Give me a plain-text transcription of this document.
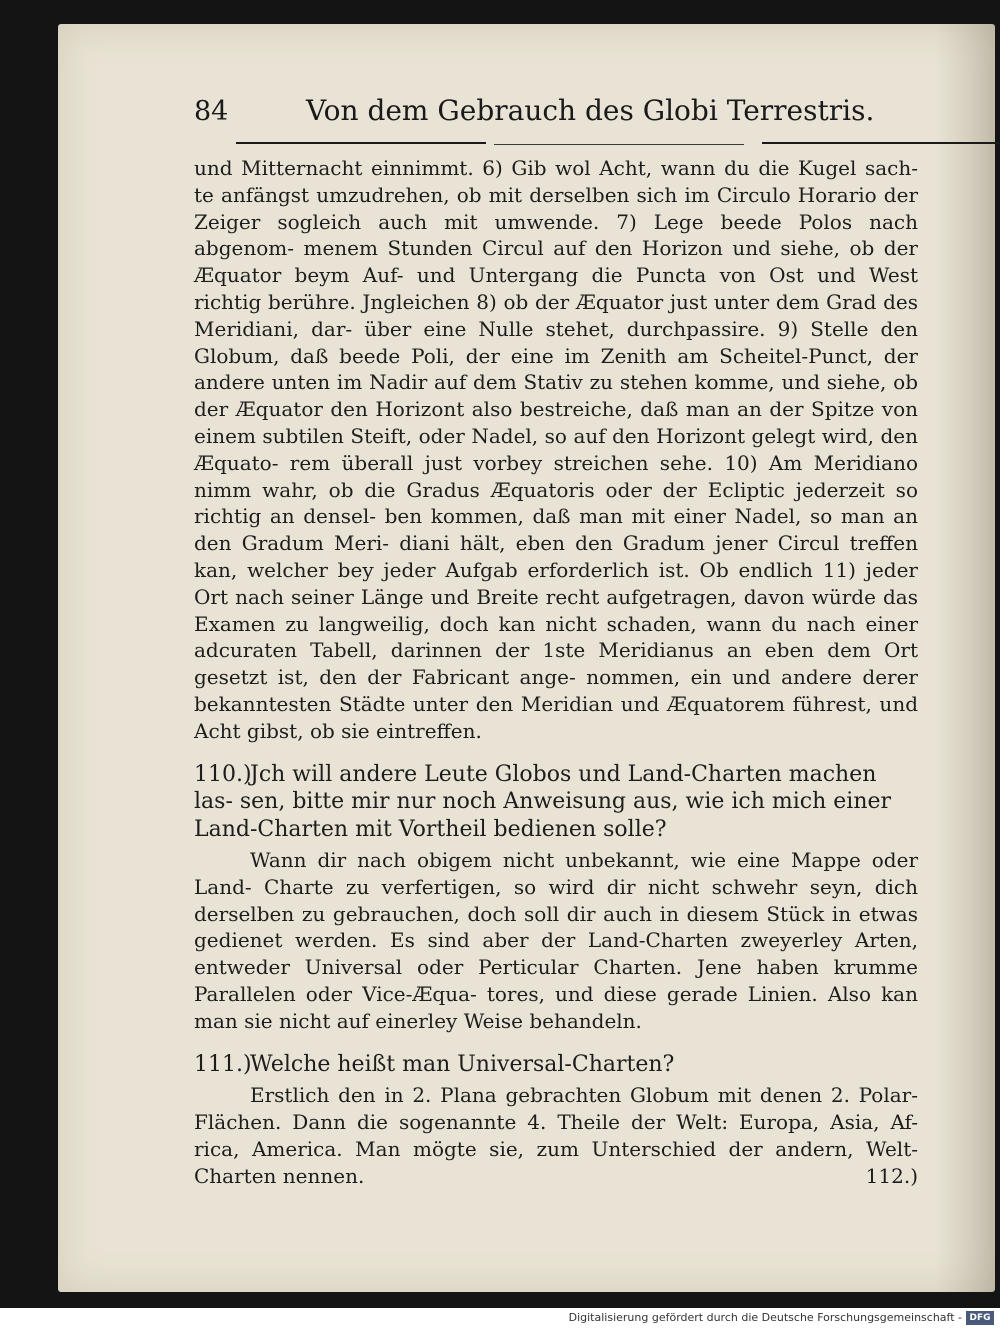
84	Von dem Gebrauch des Globi Terrestris.

und Mitternacht einnimmt. 6) Gib wol Acht, wann du die Kugel sach- te anfängst umzudrehen, ob mit derselben sich im Circulo Horario der Zeiger sogleich auch mit umwende. 7) Lege beede Polos nach abgenom- menem Stunden Circul auf den Horizon und siehe, ob der Æquator beym Auf- und Untergang die Puncta von Ost und West richtig berühre. Jngleichen 8) ob der Æquator just unter dem Grad des Meridiani, dar- über eine Nulle stehet, durchpassire. 9) Stelle den Globum, daß beede Poli, der eine im Zenith am Scheitel-Punct, der andere unten im Nadir auf dem Stativ zu stehen komme, und siehe, ob der Æquator den Horizont also bestreiche, daß man an der Spitze von einem subtilen Steift, oder Nadel, so auf den Horizont gelegt wird, den Æquato- rem überall just vorbey streichen sehe. 10) Am Meridiano nimm wahr, ob die Gradus Æquatoris oder der Ecliptic jederzeit so richtig an densel- ben kommen, daß man mit einer Nadel, so man an den Gradum Meri- diani hält, eben den Gradum jener Circul treffen kan, welcher bey jeder Aufgab erforderlich ist. Ob endlich 11) jeder Ort nach seiner Länge und Breite recht aufgetragen, davon würde das Examen zu langweilig, doch kan nicht schaden, wann du nach einer adcuraten Tabell, darinnen der 1ste Meridianus an eben dem Ort gesetzt ist, den der Fabricant ange- nommen, ein und andere derer bekanntesten Städte unter den Meridian und Æquatorem führest, und Acht gibst, ob sie eintreffen.

110.)Jch will andere Leute Globos und Land-Charten machen las- sen, bitte mir nur noch Anweisung aus, wie ich mich einer Land-Charten mit Vortheil bedienen solle?

Wann dir nach obigem nicht unbekannt, wie eine Mappe oder Land- Charte zu verfertigen, so wird dir nicht schwehr seyn, dich derselben zu gebrauchen, doch soll dir auch in diesem Stück in etwas gedienet werden. Es sind aber der Land-Charten zweyerley Arten, entweder Universal oder Perticular Charten. Jene haben krumme Parallelen oder Vice-Æqua- tores, und diese gerade Linien. Also kan man sie nicht auf einerley Weise behandeln.

111.)Welche heißt man Universal-Charten?

Erstlich den in 2. Plana gebrachten Globum mit denen 2. Polar- Flächen. Dann die sogenannte 4. Theile der Welt: Europa, Asia, Af- rica, America. Man mögte sie, zum Unterschied der andern, Welt- Charten nennen.	112.)

Digitalisierung gefördert durch die Deutsche Forschungsgemeinschaft - DFG
